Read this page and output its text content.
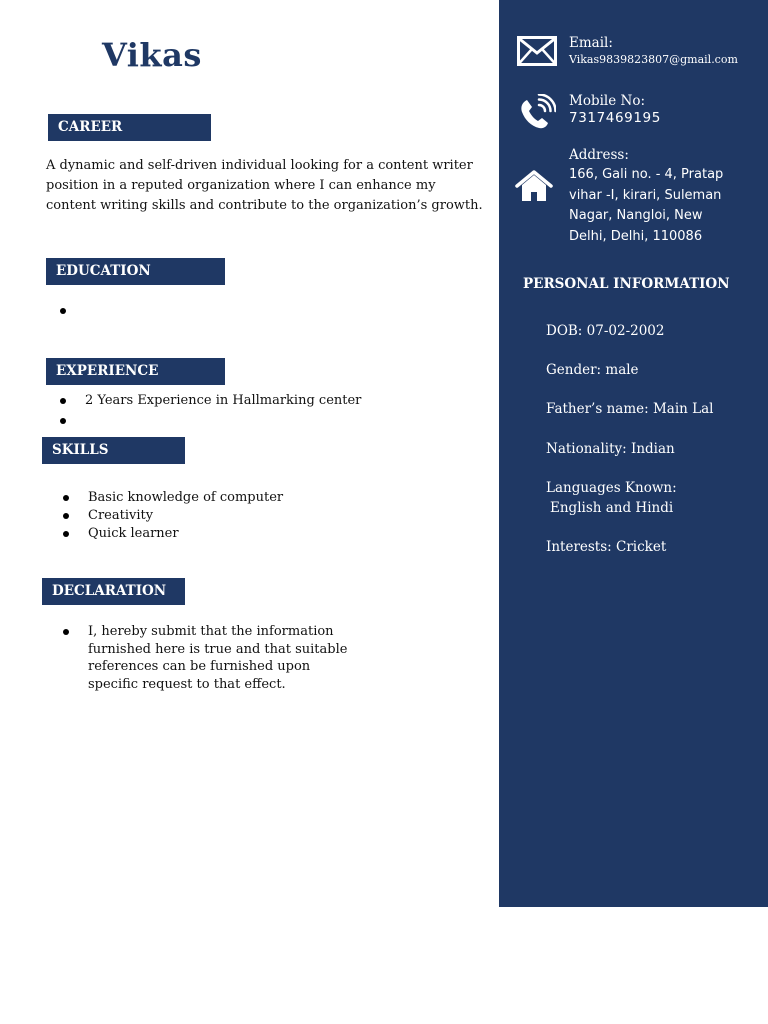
Vikas
CAREER OBJECTIVE

A dynamic and self-driven individual looking for a content writer position in a reputed organization where I can enhance my content writing skills and contribute to the organization’s growth.

EDUCATION
EXPERIENCE
2 Years Experience in Hallmarking center
SKILLS
Basic knowledge of computer
Creativity
Quick learner
DECLARATION
I, hereby submit that the information furnished here is true and that suitable references can be furnished upon specific request to that effect.
Email:
Vikas9839823807@gmail.com
Mobile No:
7317469195
Address:
166, Gali no. - 4, Pratap vihar -I, kirari, Suleman Nagar, Nangloi, New Delhi, Delhi, 110086
PERSONAL INFORMATION
DOB: 07-02-2002
Gender: male
Father’s name: Main Lal
Nationality: Indian
Languages Known:
English and Hindi
Interests: Cricket
